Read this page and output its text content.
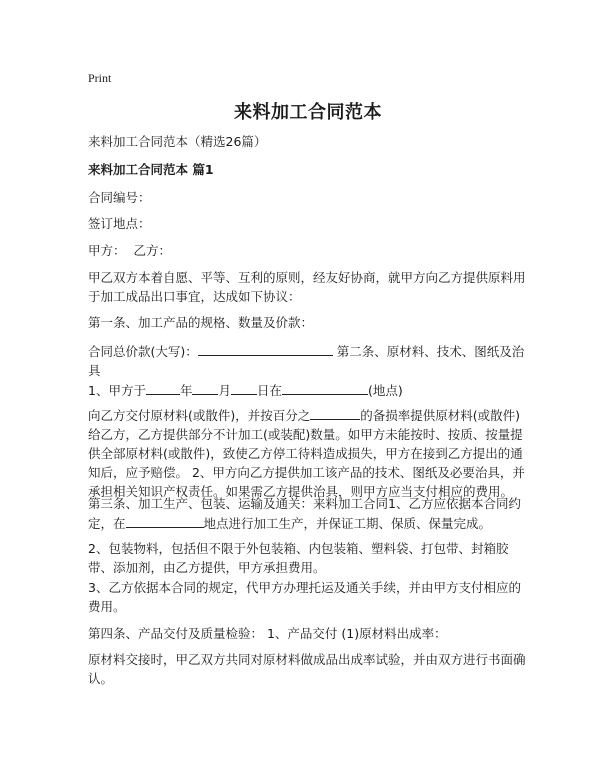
Print
来料加工合同范本

来料加工合同范本（精选26篇）

来料加工合同范本 篇1

合同编号：

签订地点：

甲方： 乙方：

甲乙双方本着自愿、平等、互利的原则，经友好协商，就甲方向乙方提供原料用于加工成品出口事宜，达成如下协议：

第一条、加工产品的规格、数量及价款：

合同总价款(大写)：	第二条、原材料、技术、图纸及治具

1、甲方于	年 月 日在	(地点)

向乙方交付原材料(或散件)，并按百分之	的备损率提供原材料(或散件)给乙方，乙方提供部分不计加工(或装配)数量。如甲方未能按时、按质、按量提供全部原材料(或散件)，致使乙方停工待料造成损失，甲方在接到乙方提出的通知后，应予赔偿。 2、甲方向乙方提供加工该产品的技术、图纸及必要治具，并承担相关知识产权责任。如果需乙方提供治具，则甲方应当支付相应的费用。

第三条、加工生产、包装、运输及通关：来料加工合同1、乙方应依据本合同约定，在	地点进行加工生产，并保证工期、保质、保量完成。

2、包装物料，包括但不限于外包装箱、内包装箱、塑料袋、打包带、封箱胶带、添加剂，由乙方提供，甲方承担费用。

3、乙方依据本合同的规定，代甲方办理托运及通关手续，并由甲方支付相应的费用。

第四条、产品交付及质量检验： 1、产品交付 (1)原材料出成率：

原材料交接时，甲乙双方共同对原材料做成品出成率试验，并由双方进行书面确认。
